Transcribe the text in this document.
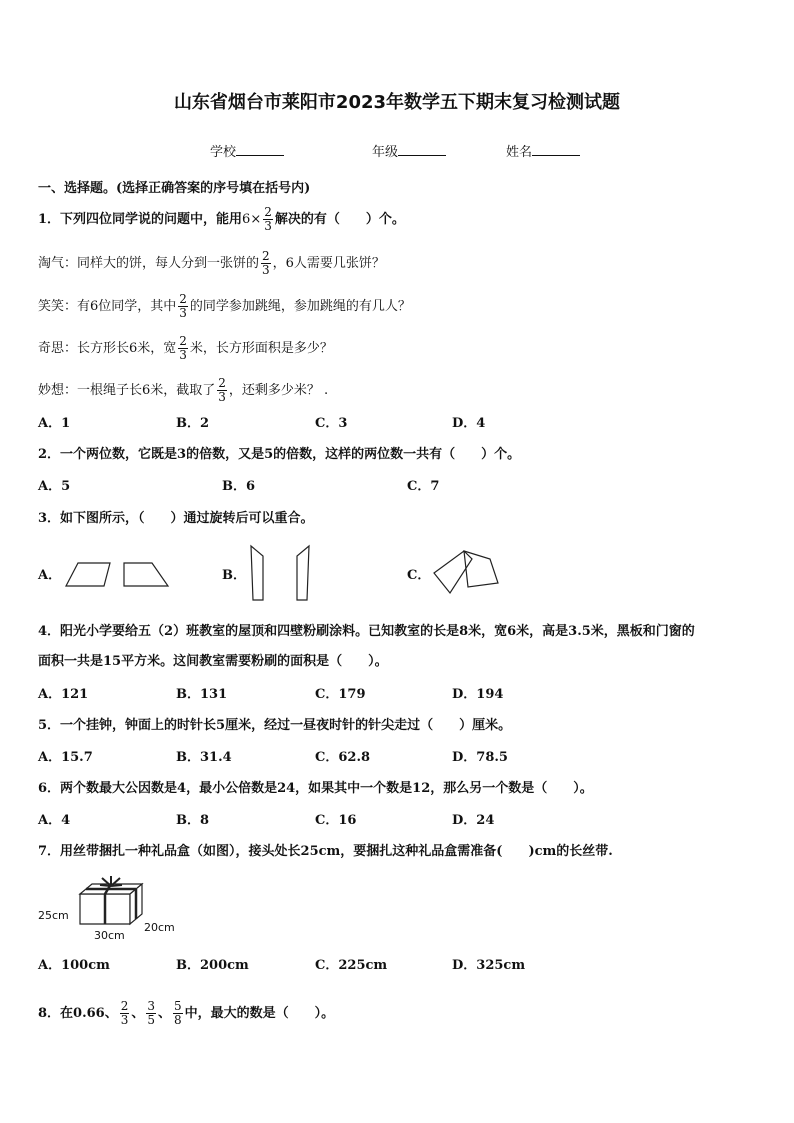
山东省烟台市莱阳市2023年数学五下期末复习检测试题
学校	年级	姓名
一、选择题。(选择正确答案的序号填在括号内)
1．下列四位同学说的问题中，能用$6\times \frac{2}{3}$ 解决的有（　　）个。
淘气：同样大的饼，每人分到一张饼的 $\frac{2}{3}$ ，6人需要几张饼？
笑笑：有6位同学，其中 $\frac{2}{3}$ 的同学参加跳绳，参加跳绳的有几人？
奇思：长方形长6米，宽 $\frac{2}{3}$ 米，长方形面积是多少？
妙想：一根绳子长6米，截取了 $\frac{2}{3}$ ，还剩多少米？ .
A．1	B．2	C．3	D．4
2．一个两位数，它既是3的倍数，又是5的倍数，这样的两位数一共有（　　）个。
A．5	B．6	C．7
3．如下图所示，（　　）通过旋转后可以重合。
A．	B．	C．
4．阳光小学要给五（2）班教室的屋顶和四壁粉刷涂料。已知教室的长是8米，宽6米，高是3.5米，黑板和门窗的
面积一共是15平方米。这间教室需要粉刷的面积是（　　）。
A．121	B．131	C．179	D．194
5．一个挂钟，钟面上的时针长5厘米，经过一昼夜时针的针尖走过（　　）厘米。
A．15.7	B．31.4	C．62.8	D．78.5
6．两个数最大公因数是4，最小公倍数是24，如果其中一个数是12，那么另一个数是（　　）。
A．4	B．8	C．16	D．24
7．用丝带捆扎一种礼品盒（如图），接头处长25cm，要捆扎这种礼品盒需准备(　　)cm的长丝带.
25cm
30cm
20cm
A．100cm	B．200cm	C．225cm	D．325cm
8．在0.66、 $\frac{2}{3}$ 、 $\frac{3}{5}$ 、 $\frac{5}{8}$ 中，最大的数是（　　）。
